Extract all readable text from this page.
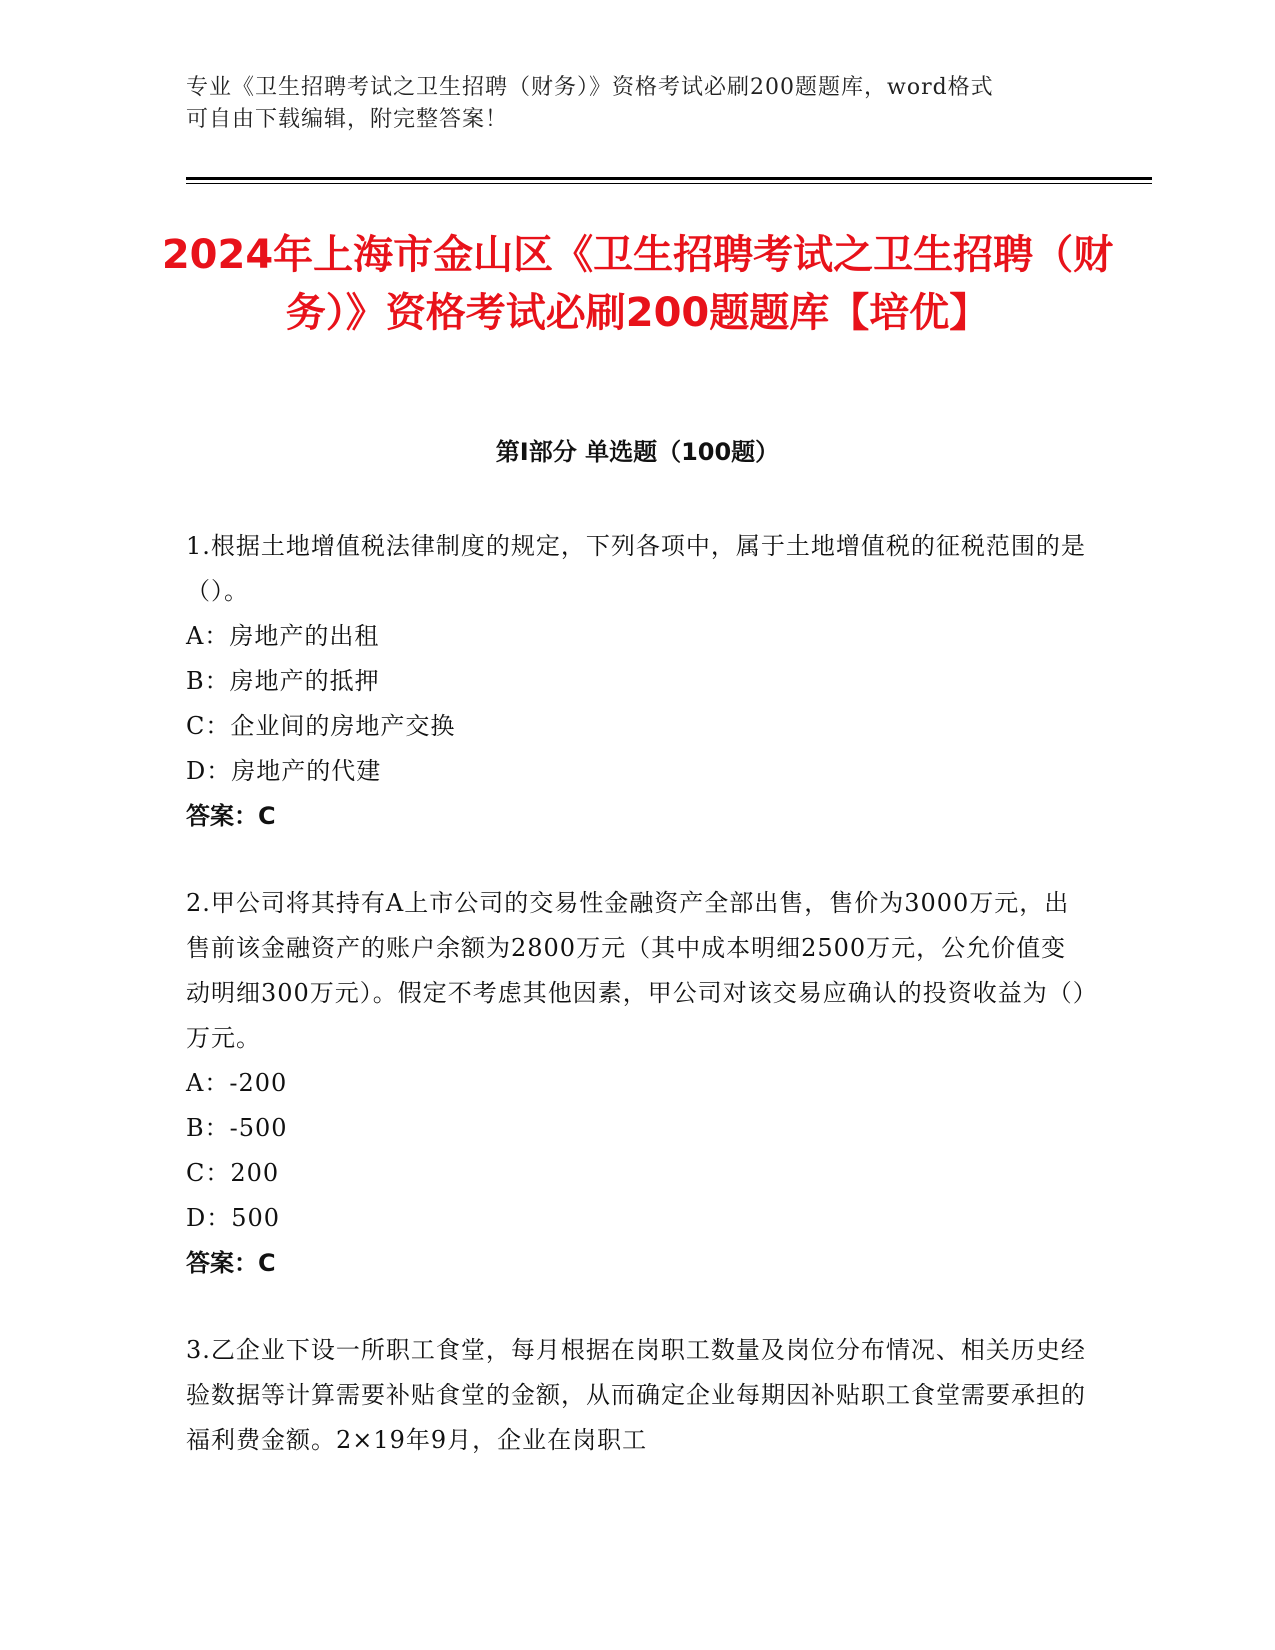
专业《卫生招聘考试之卫生招聘（财务）》资格考试必刷200题题库，word格式

可自由下载编辑，附完整答案！

2024年上海市金山区《卫生招聘考试之卫生招聘（财务）》资格考试必刷200题题库【培优】
第I部分 单选题（100题）

1.根据土地增值税法律制度的规定，下列各项中，属于土地增值税的征税范围的是（）。

A：房地产的出租

B：房地产的抵押

C：企业间的房地产交换

D：房地产的代建

答案：C

2.甲公司将其持有A上市公司的交易性金融资产全部出售，售价为3000万元，出售前该金融资产的账户余额为2800万元（其中成本明细2500万元，公允价值变动明细300万元）。假定不考虑其他因素，甲公司对该交易应确认的投资收益为（）万元。

A：-200

B：-500

C：200

D：500

答案：C

3.乙企业下设一所职工食堂，每月根据在岗职工数量及岗位分布情况、相关历史经验数据等计算需要补贴食堂的金额，从而确定企业每期因补贴职工食堂需要承担的福利费金额。2×19年9月，企业在岗职工
